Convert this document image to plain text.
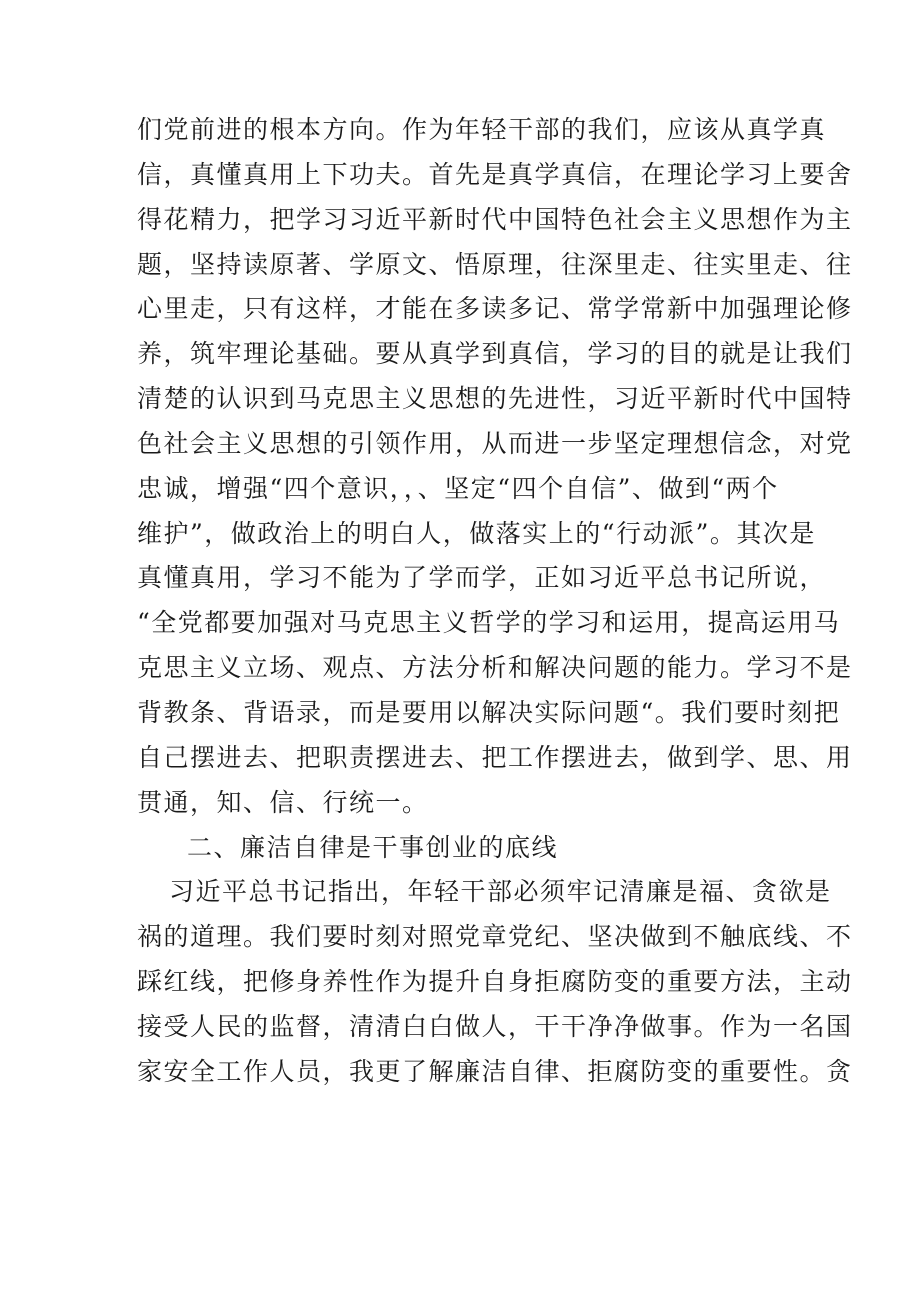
们党前进的根本方向。作为年轻干部的我们，应该从真学真
信，真懂真用上下功夫。首先是真学真信，在理论学习上要舍
得花精力，把学习习近平新时代中国特色社会主义思想作为主
题，坚持读原著、学原文、悟原理，往深里走、往实里走、往
心里走，只有这样，才能在多读多记、常学常新中加强理论修
养，筑牢理论基础。要从真学到真信，学习的目的就是让我们
清楚的认识到马克思主义思想的先进性，习近平新时代中国特
色社会主义思想的引领作用，从而进一步坚定理想信念，对党
忠诚，增强“四个意识，，、坚定“四个自信”、做到“两个
维护”，做政治上的明白人，做落实上的“行动派”。其次是
真懂真用，学习不能为了学而学，正如习近平总书记所说，
“全党都要加强对马克思主义哲学的学习和运用，提高运用马
克思主义立场、观点、方法分析和解决问题的能力。学习不是
背教条、背语录，而是要用以解决实际问题“。我们要时刻把
自己摆进去、把职责摆进去、把工作摆进去，做到学、思、用
贯通，知、信、行统一。
二、廉洁自律是干事创业的底线
习近平总书记指出，年轻干部必须牢记清廉是福、贪欲是
祸的道理。我们要时刻对照党章党纪、坚决做到不触底线、不
踩红线，把修身养性作为提升自身拒腐防变的重要方法，主动
接受人民的监督，清清白白做人，干干净净做事。作为一名国
家安全工作人员，我更了解廉洁自律、拒腐防变的重要性。贪
